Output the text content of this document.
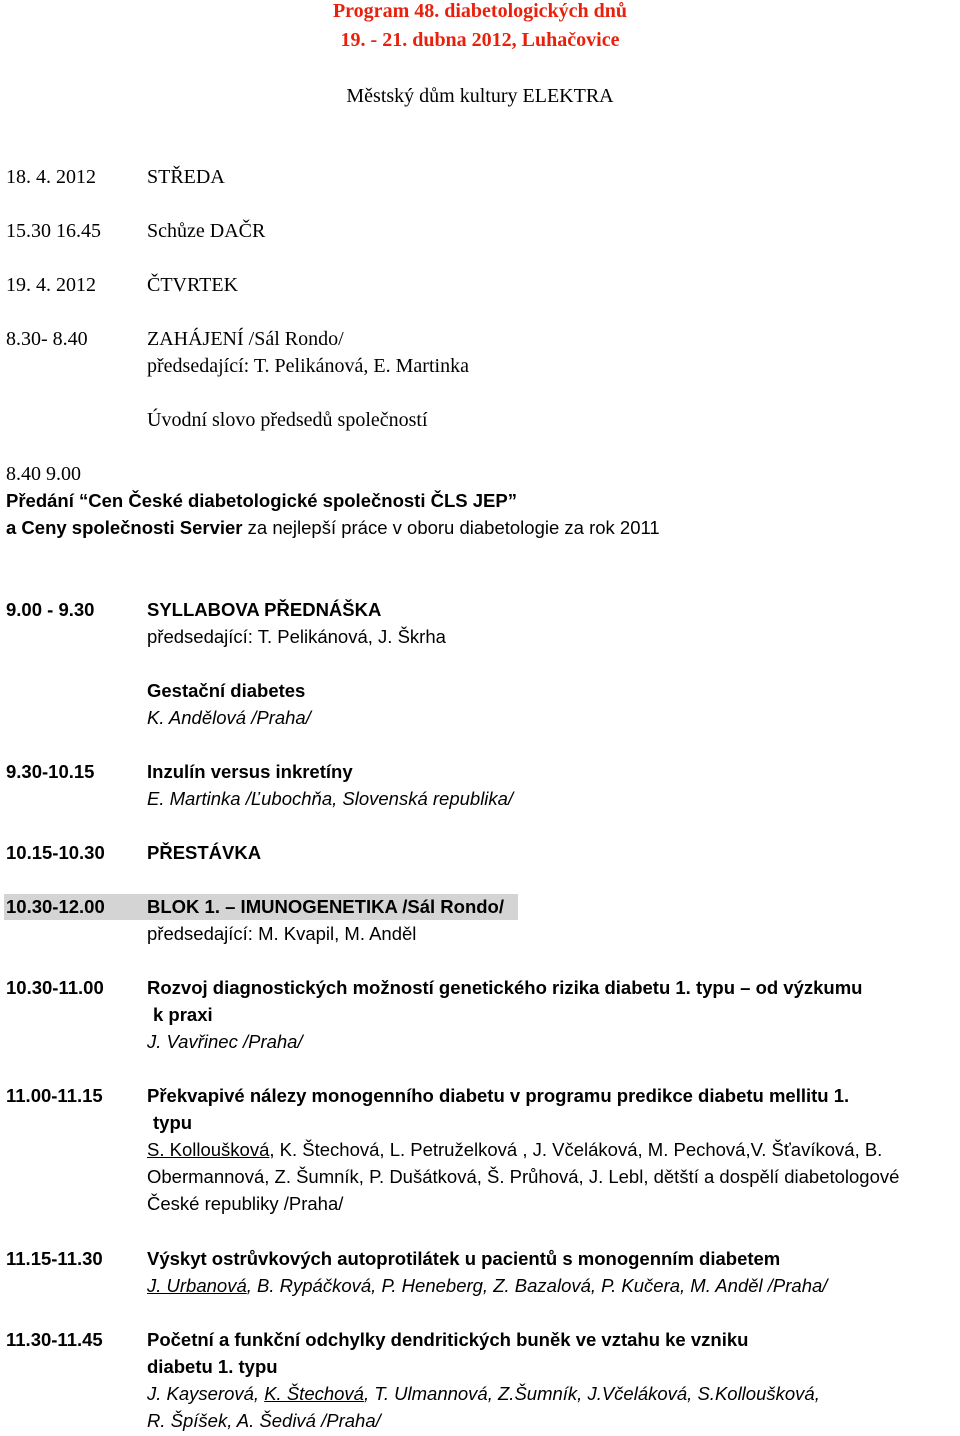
Program 48. diabetologických dnů
19. - 21. dubna 2012, Luhačovice
Městský dům kultury ELEKTRA
18. 4. 2012	STŘEDA
15.30 16.45 Schůze DAČR
19. 4. 2012	ČTVRTEK
8.30- 8.40	ZAHÁJENÍ /Sál Rondo/
předsedající: T. Pelikánová, E. Martinka
Úvodní slovo předsedů společností
8.40 9.00
Předání “Cen České diabetologické společnosti ČLS JEP”
a Ceny společnosti Servier za nejlepší práce v oboru diabetologie za rok 2011
9.00 - 9.30	SYLLABOVA PŘEDNÁŠKA
předsedající: T. Pelikánová, J. Škrha
Gestační diabetes
K. Andělová /Praha/
9.30-10.15	Inzulín versus inkretíny
E. Martinka /Ľubochňa, Slovenská republika/
10.15-10.30 PŘESTÁVKA
10.30-12.00 BLOK 1. – IMUNOGENETIKA /Sál Rondo/
předsedající: M. Kvapil, M. Anděl
10.30-11.00 Rozvoj diagnostických možností genetického rizika diabetu 1. typu – od výzkumu
k praxi
J. Vavřinec /Praha/
11.00-11.15 Překvapivé nálezy monogenního diabetu v programu predikce diabetu mellitu 1.
typu
S. Kolloušková, K. Štechová, L. Petruželková , J. Včeláková, M. Pechová,V. Šťavíková, B.
Obermannová, Z. Šumník, P. Dušátková, Š. Průhová, J. Lebl, dětští a dospělí diabetologové
České republiky /Praha/
11.15-11.30 Výskyt ostrůvkových autoprotilátek u pacientů s monogenním diabetem
J. Urbanová, B. Rypáčková, P. Heneberg, Z. Bazalová, P. Kučera, M. Anděl /Praha/
11.30-11.45 Početní a funkční odchylky dendritických buněk ve vztahu ke vzniku
diabetu 1. typu
J. Kayserová, K. Štechová, T. Ulmannová, Z.Šumník, J.Včeláková, S.Kolloušková,
R. Špíšek, A. Šedivá /Praha/
